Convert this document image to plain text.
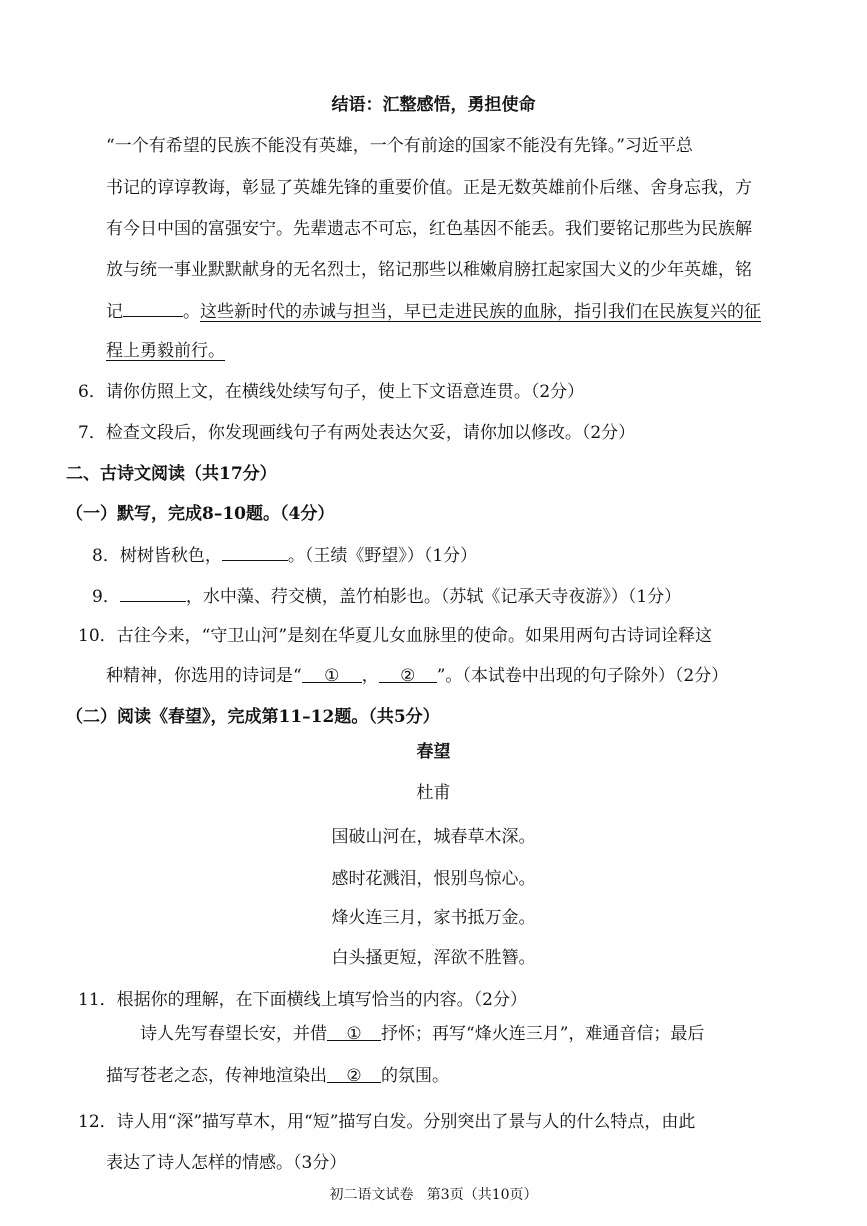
结语：汇整感悟，勇担使命
“一个有希望的民族不能没有英雄，一个有前途的国家不能没有先锋。”习近平总
书记的谆谆教诲，彰显了英雄先锋的重要价值。正是无数英雄前仆后继、舍身忘我，方
有今日中国的富强安宁。先辈遗志不可忘，红色基因不能丢。我们要铭记那些为民族解
放与统一事业默默献身的无名烈士，铭记那些以稚嫩肩膀扛起家国大义的少年英雄，铭
记	。这些新时代的赤诚与担当，早已走进民族的血脉，指引我们在民族复兴的征
程上勇毅前行。
6．请你仿照上文，在横线处续写句子，使上下文语意连贯。（2分）
7．检查文段后，你发现画线句子有两处表达欠妥，请你加以修改。（2分）
二、古诗文阅读（共17分）
（一）默写，完成8–10题。（4分）
8．树树皆秋色，	。（王绩《野望》）（1分）
9．	，水中藻、荇交横，盖竹柏影也。（苏轼《记承天寺夜游》）（1分）
10．古往今来，“守卫山河”是刻在华夏儿女血脉里的使命。如果用两句古诗词诠释这
种精神，你选用的诗词是“ ① ， ② ”。（本试卷中出现的句子除外）（2分）
（二）阅读《春望》，完成第11–12题。（共5分）
春望
杜甫
国破山河在，城春草木深。
感时花溅泪，恨别鸟惊心。
烽火连三月，家书抵万金。
白头搔更短，浑欲不胜簪。
11．根据你的理解，在下面横线上填写恰当的内容。（2分）
诗人先写春望长安，并借 ① 抒怀；再写“烽火连三月”，难通音信；最后
描写苍老之态，传神地渲染出 ② 的氛围。
12．诗人用“深”描写草木，用“短”描写白发。分别突出了景与人的什么特点，由此
表达了诗人怎样的情感。（3分）
初二语文试卷   第3页（共10页）
